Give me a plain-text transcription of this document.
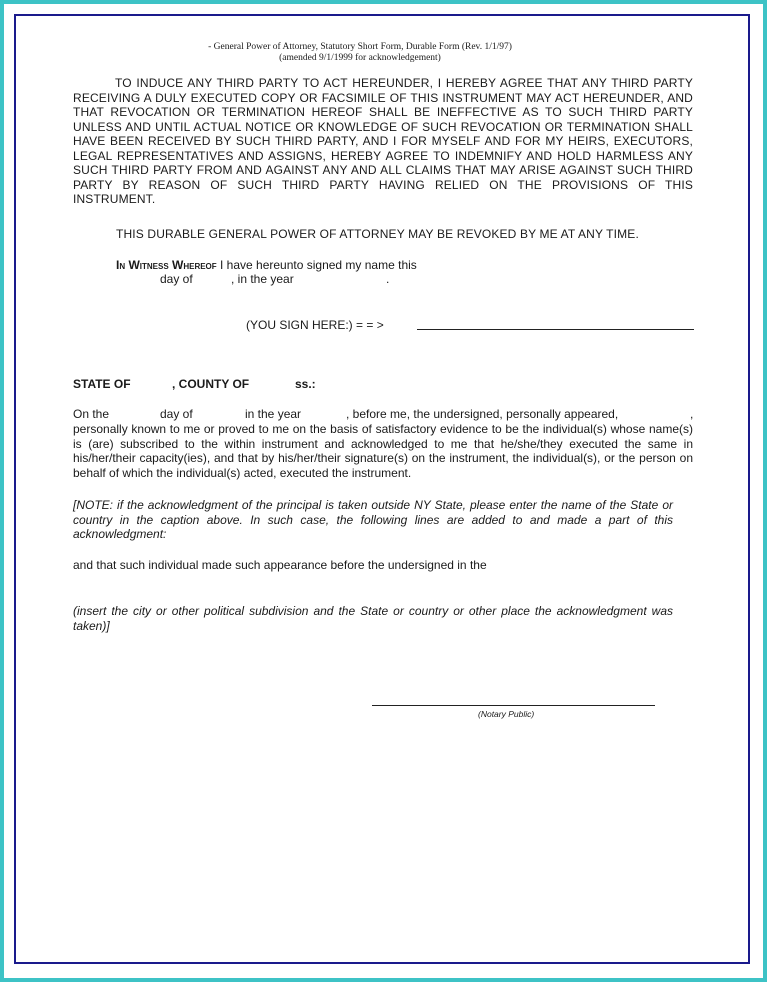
- General Power of Attorney, Statutory Short Form, Durable Form (Rev. 1/1/97)
(amended 9/1/1999 for acknowledgement)
TO INDUCE ANY THIRD PARTY TO ACT HEREUNDER, I HEREBY AGREE THAT ANY THIRD PARTY RECEIVING A DULY EXECUTED COPY OR FACSIMILE OF THIS INSTRUMENT MAY ACT HEREUNDER, AND THAT REVOCATION OR TERMINATION HEREOF SHALL BE INEFFECTIVE AS TO SUCH THIRD PARTY UNLESS AND UNTIL ACTUAL NOTICE OR KNOWLEDGE OF SUCH REVOCATION OR TERMINATION SHALL HAVE BEEN RECEIVED BY SUCH THIRD PARTY, AND I FOR MYSELF AND FOR MY HEIRS, EXECUTORS, LEGAL REPRESENTATIVES AND ASSIGNS, HEREBY AGREE TO INDEMNIFY AND HOLD HARMLESS ANY SUCH THIRD PARTY FROM AND AGAINST ANY AND ALL CLAIMS THAT MAY ARISE AGAINST SUCH THIRD PARTY BY REASON OF SUCH THIRD PARTY HAVING RELIED ON THE PROVISIONS OF THIS INSTRUMENT.
THIS DURABLE GENERAL POWER OF ATTORNEY MAY BE REVOKED BY ME AT ANY TIME.
In Witness Whereof I have hereunto signed my name this
day of	, in the year	.
(YOU SIGN HERE:) = = >
STATE OF	, COUNTY OF	ss.:
On the	day of	in the year	, before me, the undersigned, personally appeared,	,
personally known to me or proved to me on the basis of satisfactory evidence to be the individual(s) whose name(s) is (are) subscribed to the within instrument and acknowledged to me that he/she/they executed the same in his/her/their capacity(ies), and that by his/her/their signature(s) on the instrument, the individual(s), or the person on behalf of which the individual(s) acted, executed the instrument.
[NOTE: if the acknowledgment of the principal is taken outside NY State, please enter the name of the State or country in the caption above. In such case, the following lines are added to and made a part of this acknowledgment:
and that such individual made such appearance before the undersigned in the
(insert the city or other political subdivision and the State or country or other place the acknowledgment was taken)]
(Notary Public)
